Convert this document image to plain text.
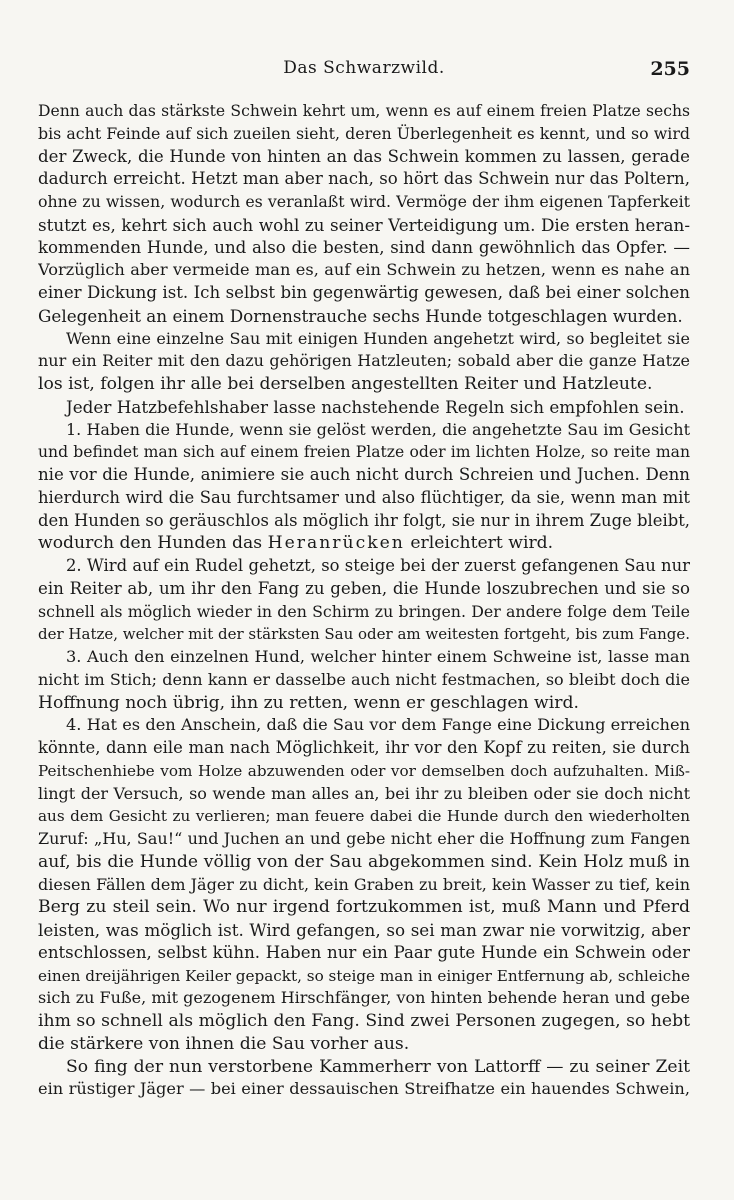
Das Schwarzwild.	255
Denn auch das stärkste Schwein kehrt um, wenn es auf einem freien Platze sechs
bis acht Feinde auf sich zueilen sieht, deren Überlegenheit es kennt, und so wird
der Zweck, die Hunde von hinten an das Schwein kommen zu lassen, gerade
dadurch erreicht. Hetzt man aber nach, so hört das Schwein nur das Poltern,
ohne zu wissen, wodurch es veranlaßt wird. Vermöge der ihm eigenen Tapferkeit
stutzt es, kehrt sich auch wohl zu seiner Verteidigung um. Die ersten heran-
kommenden Hunde, und also die besten, sind dann gewöhnlich das Opfer. —
Vorzüglich aber vermeide man es, auf ein Schwein zu hetzen, wenn es nahe an
einer Dickung ist. Ich selbst bin gegenwärtig gewesen, daß bei einer solchen
Gelegenheit an einem Dornenstrauche sechs Hunde totgeschlagen wurden.
Wenn eine einzelne Sau mit einigen Hunden angehetzt wird, so begleitet sie
nur ein Reiter mit den dazu gehörigen Hatzleuten; sobald aber die ganze Hatze
los ist, folgen ihr alle bei derselben angestellten Reiter und Hatzleute.
Jeder Hatzbefehlshaber lasse nachstehende Regeln sich empfohlen sein.
1. Haben die Hunde, wenn sie gelöst werden, die angehetzte Sau im Gesicht
und befindet man sich auf einem freien Platze oder im lichten Holze, so reite man
nie vor die Hunde, animiere sie auch nicht durch Schreien und Juchen. Denn
hierdurch wird die Sau furchtsamer und also flüchtiger, da sie, wenn man mit
den Hunden so geräuschlos als möglich ihr folgt, sie nur in ihrem Zuge bleibt,
wodurch den Hunden das Heranrücken erleichtert wird.
2. Wird auf ein Rudel gehetzt, so steige bei der zuerst gefangenen Sau nur
ein Reiter ab, um ihr den Fang zu geben, die Hunde loszubrechen und sie so
schnell als möglich wieder in den Schirm zu bringen. Der andere folge dem Teile
der Hatze, welcher mit der stärksten Sau oder am weitesten fortgeht, bis zum Fange.
3. Auch den einzelnen Hund, welcher hinter einem Schweine ist, lasse man
nicht im Stich; denn kann er dasselbe auch nicht festmachen, so bleibt doch die
Hoffnung noch übrig, ihn zu retten, wenn er geschlagen wird.
4. Hat es den Anschein, daß die Sau vor dem Fange eine Dickung erreichen
könnte, dann eile man nach Möglichkeit, ihr vor den Kopf zu reiten, sie durch
Peitschenhiebe vom Holze abzuwenden oder vor demselben doch aufzuhalten. Miß-
lingt der Versuch, so wende man alles an, bei ihr zu bleiben oder sie doch nicht
aus dem Gesicht zu verlieren; man feuere dabei die Hunde durch den wiederholten
Zuruf: „Hu, Sau!“ und Juchen an und gebe nicht eher die Hoffnung zum Fangen
auf, bis die Hunde völlig von der Sau abgekommen sind. Kein Holz muß in
diesen Fällen dem Jäger zu dicht, kein Graben zu breit, kein Wasser zu tief, kein
Berg zu steil sein. Wo nur irgend fortzukommen ist, muß Mann und Pferd
leisten, was möglich ist. Wird gefangen, so sei man zwar nie vorwitzig, aber
entschlossen, selbst kühn. Haben nur ein Paar gute Hunde ein Schwein oder
einen dreijährigen Keiler gepackt, so steige man in einiger Entfernung ab, schleiche
sich zu Fuße, mit gezogenem Hirschfänger, von hinten behende heran und gebe
ihm so schnell als möglich den Fang. Sind zwei Personen zugegen, so hebt
die stärkere von ihnen die Sau vorher aus.
So fing der nun verstorbene Kammerherr von Lattorff — zu seiner Zeit
ein rüstiger Jäger — bei einer dessauischen Streifhatze ein hauendes Schwein,
